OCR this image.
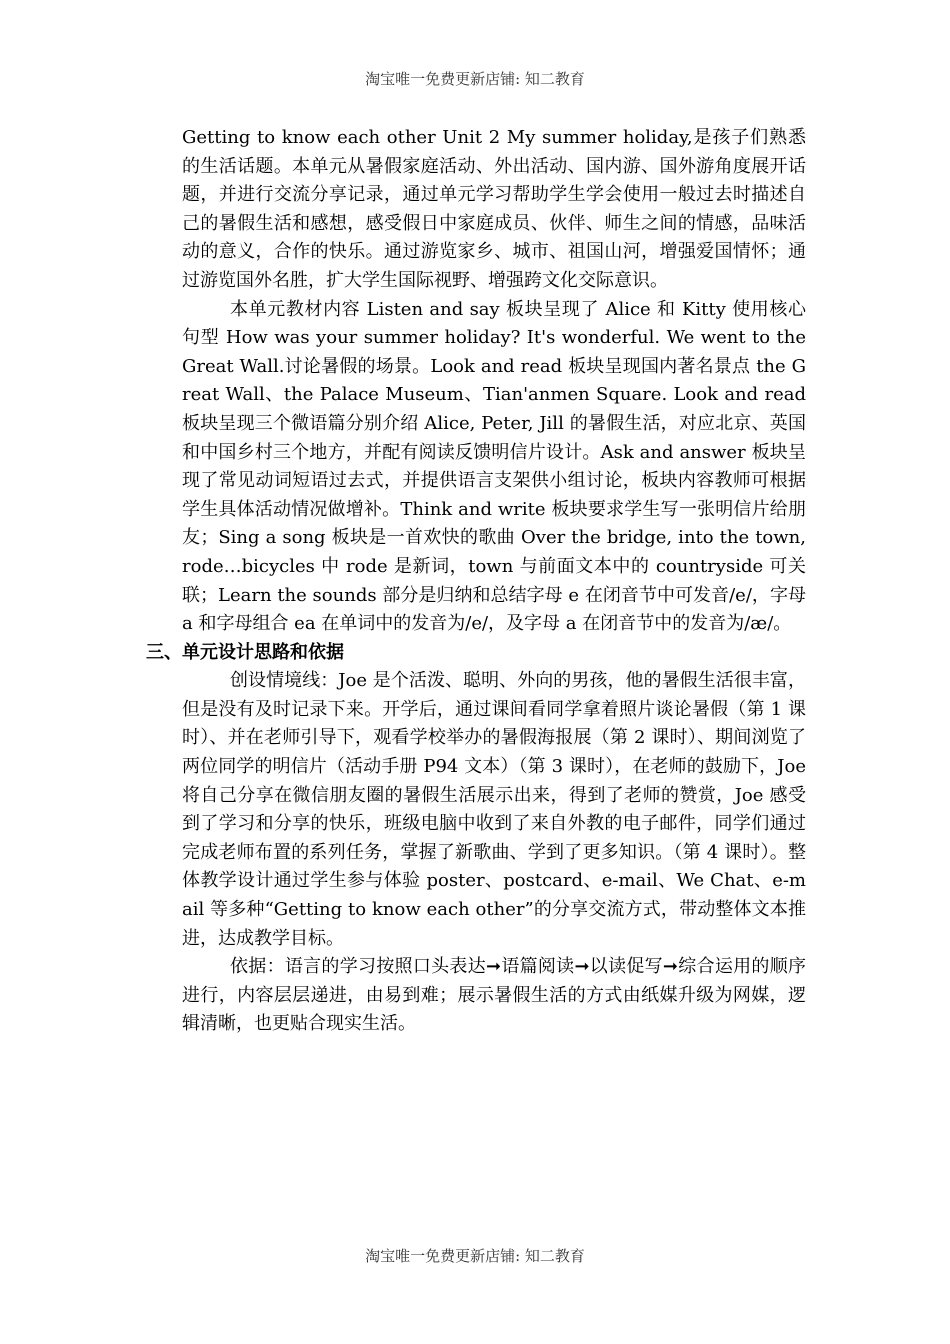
淘宝唯一免费更新店铺: 知二教育

Getting to know each other Unit 2 My summer holiday,是孩子们熟悉的生活话题。本单元从暑假家庭活动、外出活动、国内游、国外游角度展开话题，并进行交流分享记录，通过单元学习帮助学生学会使用一般过去时描述自己的暑假生活和感想，感受假日中家庭成员、伙伴、师生之间的情感，品味活动的意义，合作的快乐。通过游览家乡、城市、祖国山河，增强爱国情怀；通过游览国外名胜，扩大学生国际视野、增强跨文化交际意识。

本单元教材内容 Listen and say 板块呈现了 Alice 和 Kitty 使用核心句型 How was your summer holiday? It's wonderful. We went to the Great Wall.讨论暑假的场景。Look and read 板块呈现国内著名景点 the Great Wall、the Palace Museum、Tian'anmen Square. Look and read 板块呈现三个微语篇分别介绍 Alice, Peter, Jill 的暑假生活，对应北京、英国和中国乡村三个地方，并配有阅读反馈明信片设计。Ask and answer 板块呈现了常见动词短语过去式，并提供语言支架供小组讨论，板块内容教师可根据学生具体活动情况做增补。Think and write 板块要求学生写一张明信片给朋友；Sing a song 板块是一首欢快的歌曲 Over the bridge, into the town, rode…bicycles 中 rode 是新词，town 与前面文本中的 countryside 可关联；Learn the sounds 部分是归纳和总结字母 e 在闭音节中可发音/e/，字母 a 和字母组合 ea 在单词中的发音为/e/，及字母 a 在闭音节中的发音为/æ/。

三、单元设计思路和依据

创设情境线：Joe 是个活泼、聪明、外向的男孩，他的暑假生活很丰富，但是没有及时记录下来。开学后，通过课间看同学拿着照片谈论暑假（第 1 课时）、并在老师引导下，观看学校举办的暑假海报展（第 2 课时）、期间浏览了两位同学的明信片（活动手册 P94 文本）（第 3 课时），在老师的鼓励下，Joe 将自己分享在微信朋友圈的暑假生活展示出来，得到了老师的赞赏，Joe 感受到了学习和分享的快乐，班级电脑中收到了来自外教的电子邮件，同学们通过完成老师布置的系列任务，掌握了新歌曲、学到了更多知识。（第 4 课时）。整体教学设计通过学生参与体验 poster、postcard、e-mail、We Chat、e-mail 等多种“Getting to know each other”的分享交流方式，带动整体文本推进，达成教学目标。

依据：语言的学习按照口头表达➞语篇阅读➞以读促写➞综合运用的顺序进行，内容层层递进，由易到难；展示暑假生活的方式由纸媒升级为网媒，逻辑清晰，也更贴合现实生活。

淘宝唯一免费更新店铺: 知二教育
